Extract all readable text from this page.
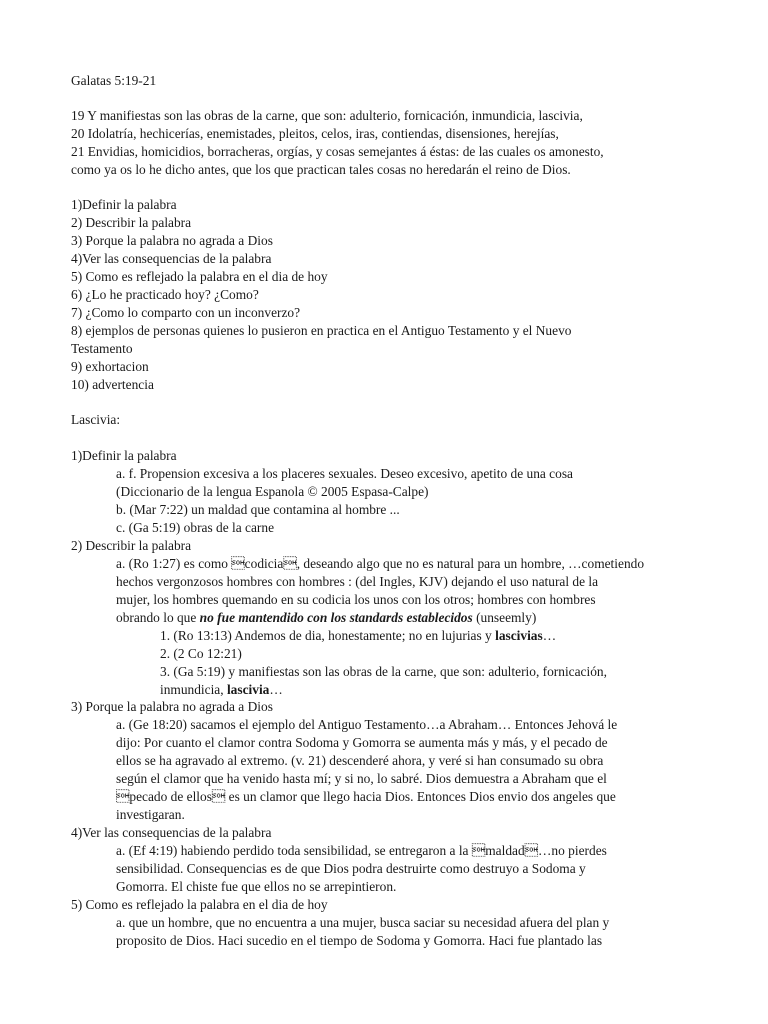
Galatas 5:19-21
19 Y manifiestas son las obras de la carne, que son: adulterio, fornicación, inmundicia, lascivia,
20 Idolatría, hechicerías, enemistades, pleitos, celos, iras, contiendas, disensiones, herejías,
21 Envidias, homicidios, borracheras, orgías, y cosas semejantes á éstas: de las cuales os amonesto,
como ya os lo he dicho antes, que los que practican tales cosas no heredarán el reino de Dios.
1)Definir la palabra
2) Describir la palabra
3) Porque la palabra no agrada a Dios
4)Ver las consequencias de la palabra
5) Como es reflejado la palabra en el dia de hoy
6) ¿Lo he practicado hoy? ¿Como?
7) ¿Como lo comparto con un inconverzo?
8) ejemplos de personas quienes lo pusieron en practica en el Antiguo Testamento y el Nuevo
Testamento
9) exhortacion
10) advertencia
Lascivia:
1)Definir la palabra
a. f. Propension excesiva a los placeres sexuales. Deseo excesivo, apetito de una cosa
(Diccionario de la lengua Espanola © 2005 Espasa-Calpe)
b. (Mar 7:22) un maldad que contamina al hombre ...
c. (Ga 5:19) obras de la carne
2) Describir la palabra
a. (Ro 1:27) es como codicia, deseando algo que no es natural para un hombre, …cometiendo
hechos vergonzosos hombres con hombres : (del Ingles, KJV) dejando el uso natural de la
mujer, los hombres quemando en su codicia los unos con los otros; hombres con hombres
obrando lo que no fue mantendido con los standards establecidos (unseemly)
1. (Ro 13:13) Andemos de dia, honestamente; no en lujurias y lascivias…
2. (2 Co 12:21)
3. (Ga 5:19) y manifiestas son las obras de la carne, que son: adulterio, fornicación,
inmundicia, lascivia…
3) Porque la palabra no agrada a Dios
a. (Ge 18:20) sacamos el ejemplo del Antiguo Testamento…a Abraham… Entonces Jehová le
dijo: Por cuanto el clamor contra Sodoma y Gomorra se aumenta más y más, y el pecado de
ellos se ha agravado al extremo. (v. 21) descenderé ahora, y veré si han consumado su obra
según el clamor que ha venido hasta mí; y si no, lo sabré. Dios demuestra a Abraham que el
pecado de ellos es un clamor que llego hacia Dios. Entonces Dios envio dos angeles que
investigaran.
4)Ver las consequencias de la palabra
a. (Ef 4:19) habiendo perdido toda sensibilidad, se entregaron a la maldad…no pierdes
sensibilidad. Consequencias es de que Dios podra destruirte como destruyo a Sodoma y
Gomorra. El chiste fue que ellos no se arrepintieron.
5) Como es reflejado la palabra en el dia de hoy
a. que un hombre, que no encuentra a una mujer, busca saciar su necesidad afuera del plan y
proposito de Dios. Haci sucedio en el tiempo de Sodoma y Gomorra. Haci fue plantado las
